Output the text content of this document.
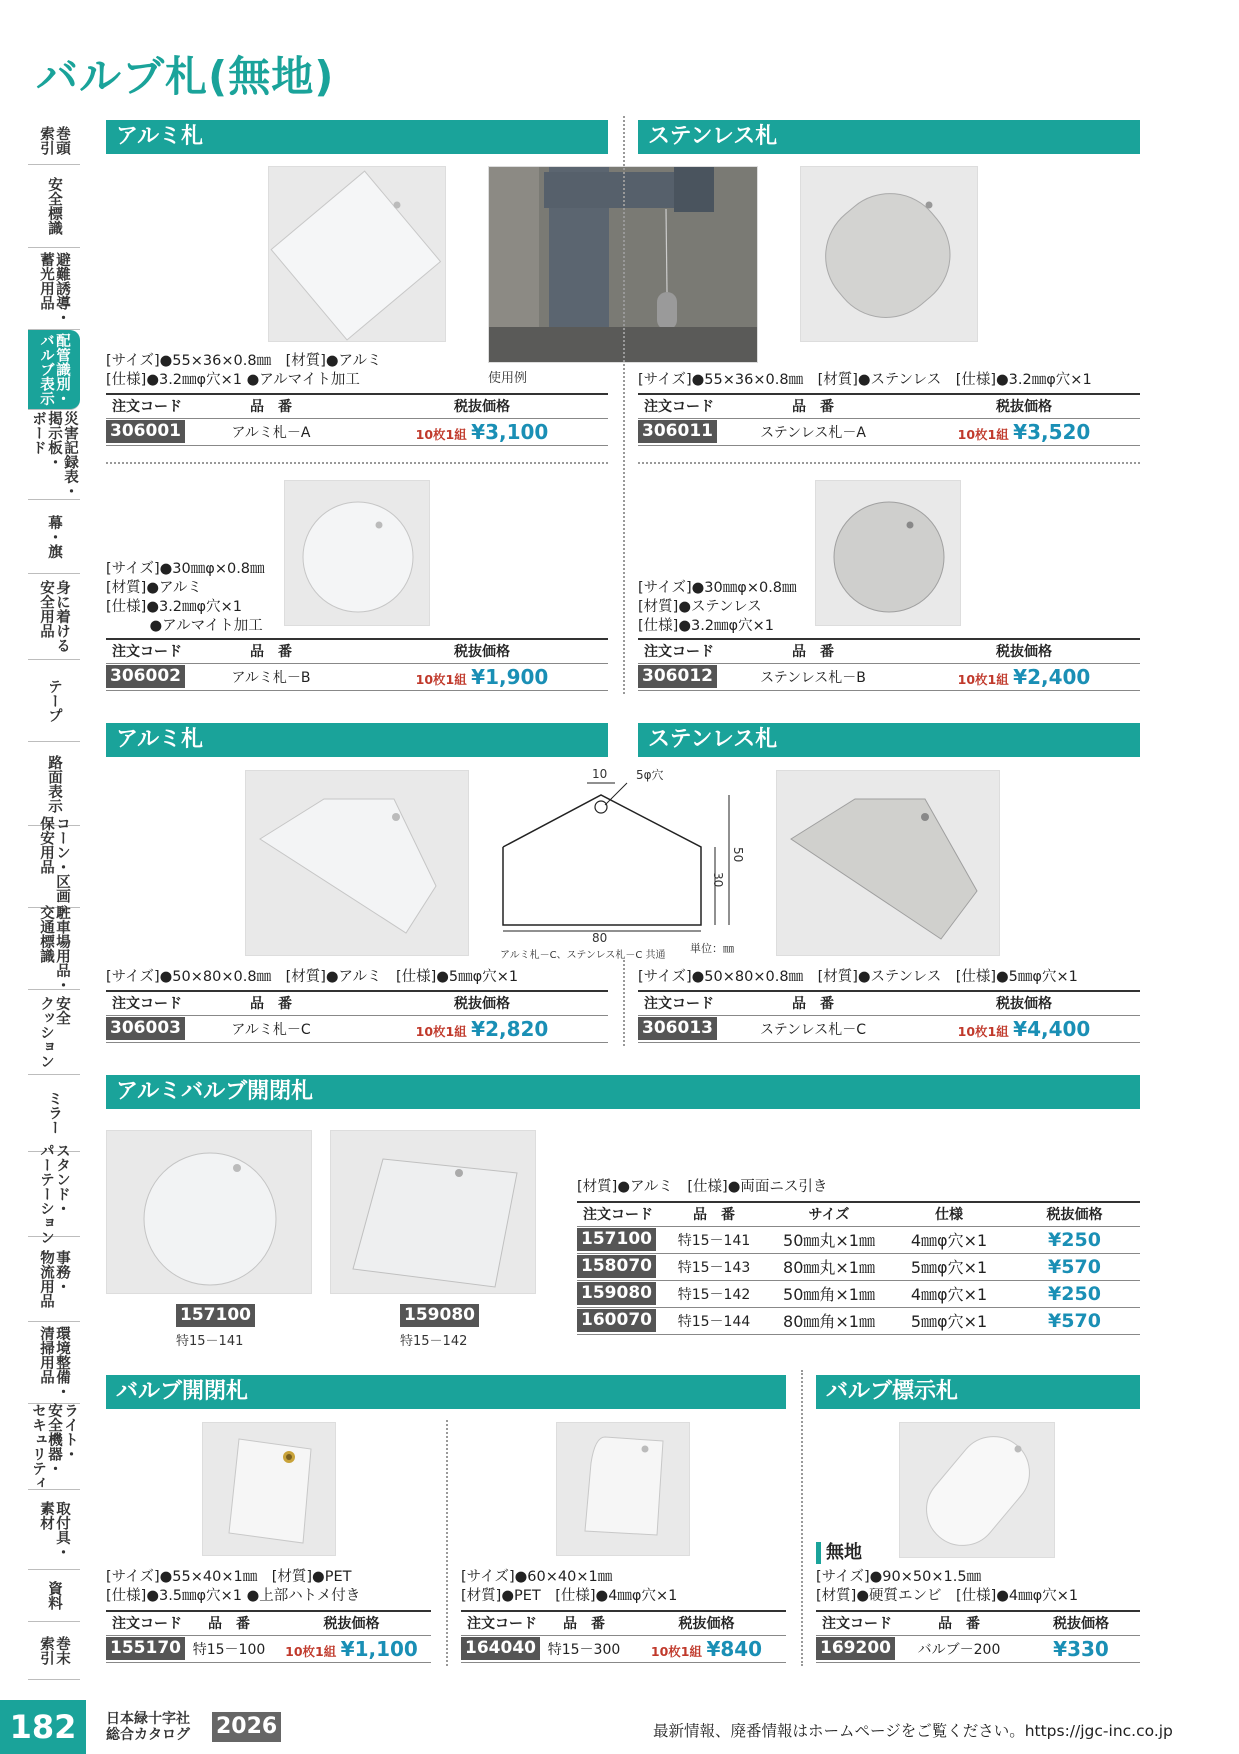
バルブ札(無地)
巻頭
索引
安全標識
避難誘導・
蓄光用品
配管識別・
バルブ表示
災害記録表・
掲示板・
ボード
幕・旗
身に着ける
安全用品
テープ
路面表示
コーン・区画・
保安用品
駐車場用品・
交通標識
安全
クッション
ミラー
スタンド・
パーテーション
事務・
物流用品
環境整備・
清掃用品
ライト・
安全機器・
セキュリティ
取付具・
素材
資料
巻末
索引
アルミ札	ステンレス札
使用例
[サイズ]●55×36×0.8㎜　[材質]●アルミ
[仕様]●3.2㎜φ穴×1 ●アルマイト加工	[サイズ]●55×36×0.8㎜　[材質]●ステンレス　[仕様]●3.2㎜φ穴×1
注文コード	品　番	税抜価格
306001	アルミ札－A	10枚1組 ¥3,100
注文コード	品　番	税抜価格
306011	ステンレス札－A	10枚1組 ¥3,520
[サイズ]●30㎜φ×0.8㎜
[材質]●アルミ
[仕様]●3.2㎜φ穴×1
　　　●アルマイト加工
[サイズ]●30㎜φ×0.8㎜
[材質]●ステンレス
[仕様]●3.2㎜φ穴×1
注文コード	品　番	税抜価格
306002	アルミ札－B	10枚1組 ¥1,900
注文コード	品　番	税抜価格
306012	ステンレス札－B	10枚1組 ¥2,400
アルミ札	ステンレス札
10 5φ穴
50
30
80
アルミ札－C、ステンレス札－C 共通
単位：㎜
[サイズ]●50×80×0.8㎜　[材質]●アルミ　[仕様]●5㎜φ穴×1	[サイズ]●50×80×0.8㎜　[材質]●ステンレス　[仕様]●5㎜φ穴×1
注文コード	品　番	税抜価格
306003	アルミ札－C	10枚1組 ¥2,820
注文コード	品　番	税抜価格
306013	ステンレス札－C	10枚1組 ¥4,400
アルミバルブ開閉札
157100
特15－141
159080
特15－142
[材質]●アルミ　[仕様]●両面ニス引き
注文コード	品　番	サイズ	仕様	税抜価格
157100	特15－141	50㎜丸×1㎜	4㎜φ穴×1	¥250
158070	特15－143	80㎜丸×1㎜	5㎜φ穴×1	¥570
159080	特15－142	50㎜角×1㎜	4㎜φ穴×1	¥250
160070	特15－144	80㎜角×1㎜	5㎜φ穴×1	¥570
バルブ開閉札	バルブ標示札
無地
[サイズ]●55×40×1㎜　[材質]●PET
[仕様]●3.5㎜φ穴×1 ●上部ハトメ付き
[サイズ]●60×40×1㎜
[材質]●PET　[仕様]●4㎜φ穴×1
[サイズ]●90×50×1.5㎜
[材質]●硬質エンビ　[仕様]●4㎜φ穴×1
注文コード	品　番	税抜価格
155170	特15－100	10枚1組 ¥1,100
注文コード	品　番	税抜価格
164040	特15－300	10枚1組 ¥840
注文コード	品　番	税抜価格
169200	バルブ－200	¥330
182	日本緑十字社
総合カタログ 2026	最新情報、廃番情報はホームページをご覧ください。https://jgc-inc.co.jp
